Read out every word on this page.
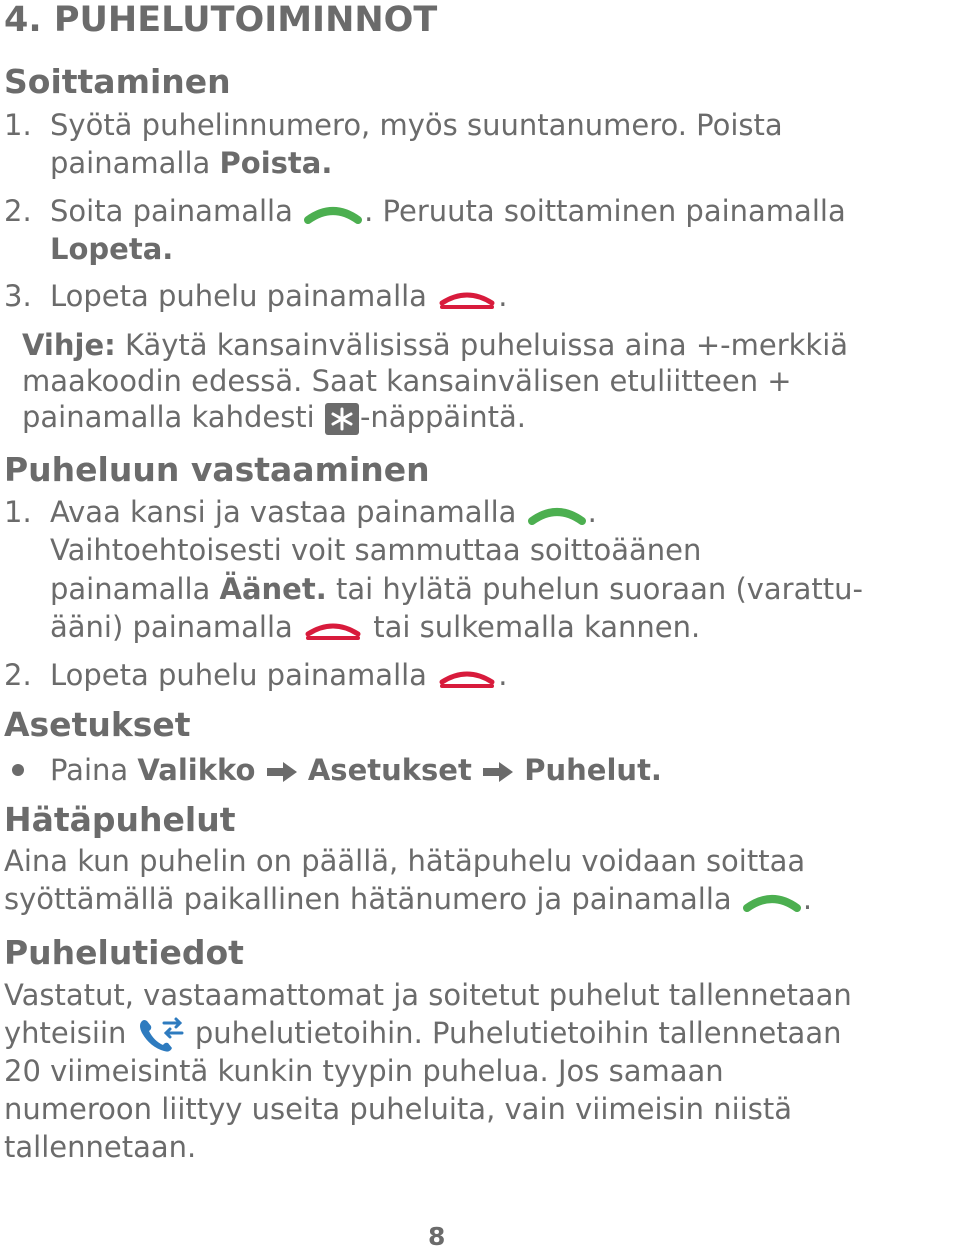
4. PUHELUTOIMINNOT
Soittaminen
1. Syötä puhelinnumero, myös suuntanumero. Poista
painamalla Poista.
2. Soita painamalla . Peruuta soittaminen painamalla
Lopeta.
3. Lopeta puhelu painamalla .
Vihje: Käytä kansainvälisissä puheluissa aina +-merkkiä
maakoodin edessä. Saat kansainvälisen etuliitteen +
painamalla kahdesti -näppäintä.
Puheluun vastaaminen
1. Avaa kansi ja vastaa painamalla .
Vaihtoehtoisesti voit sammuttaa soittoäänen
painamalla Äänet. tai hylätä puhelun suoraan (varattu-
ääni) painamalla  tai sulkemalla kannen.
2. Lopeta puhelu painamalla .
Asetukset
Paina Valikko Asetukset Puhelut.
Hätäpuhelut
Aina kun puhelin on päällä, hätäpuhelu voidaan soittaa
syöttämällä paikallinen hätänumero ja painamalla .
Puhelutiedot
Vastatut, vastaamattomat ja soitetut puhelut tallennetaan
yhteisiin  puhelutietoihin. Puhelutietoihin tallennetaan
20 viimeisintä kunkin tyypin puhelua. Jos samaan
numeroon liittyy useita puheluita, vain viimeisin niistä
tallennetaan.
8
